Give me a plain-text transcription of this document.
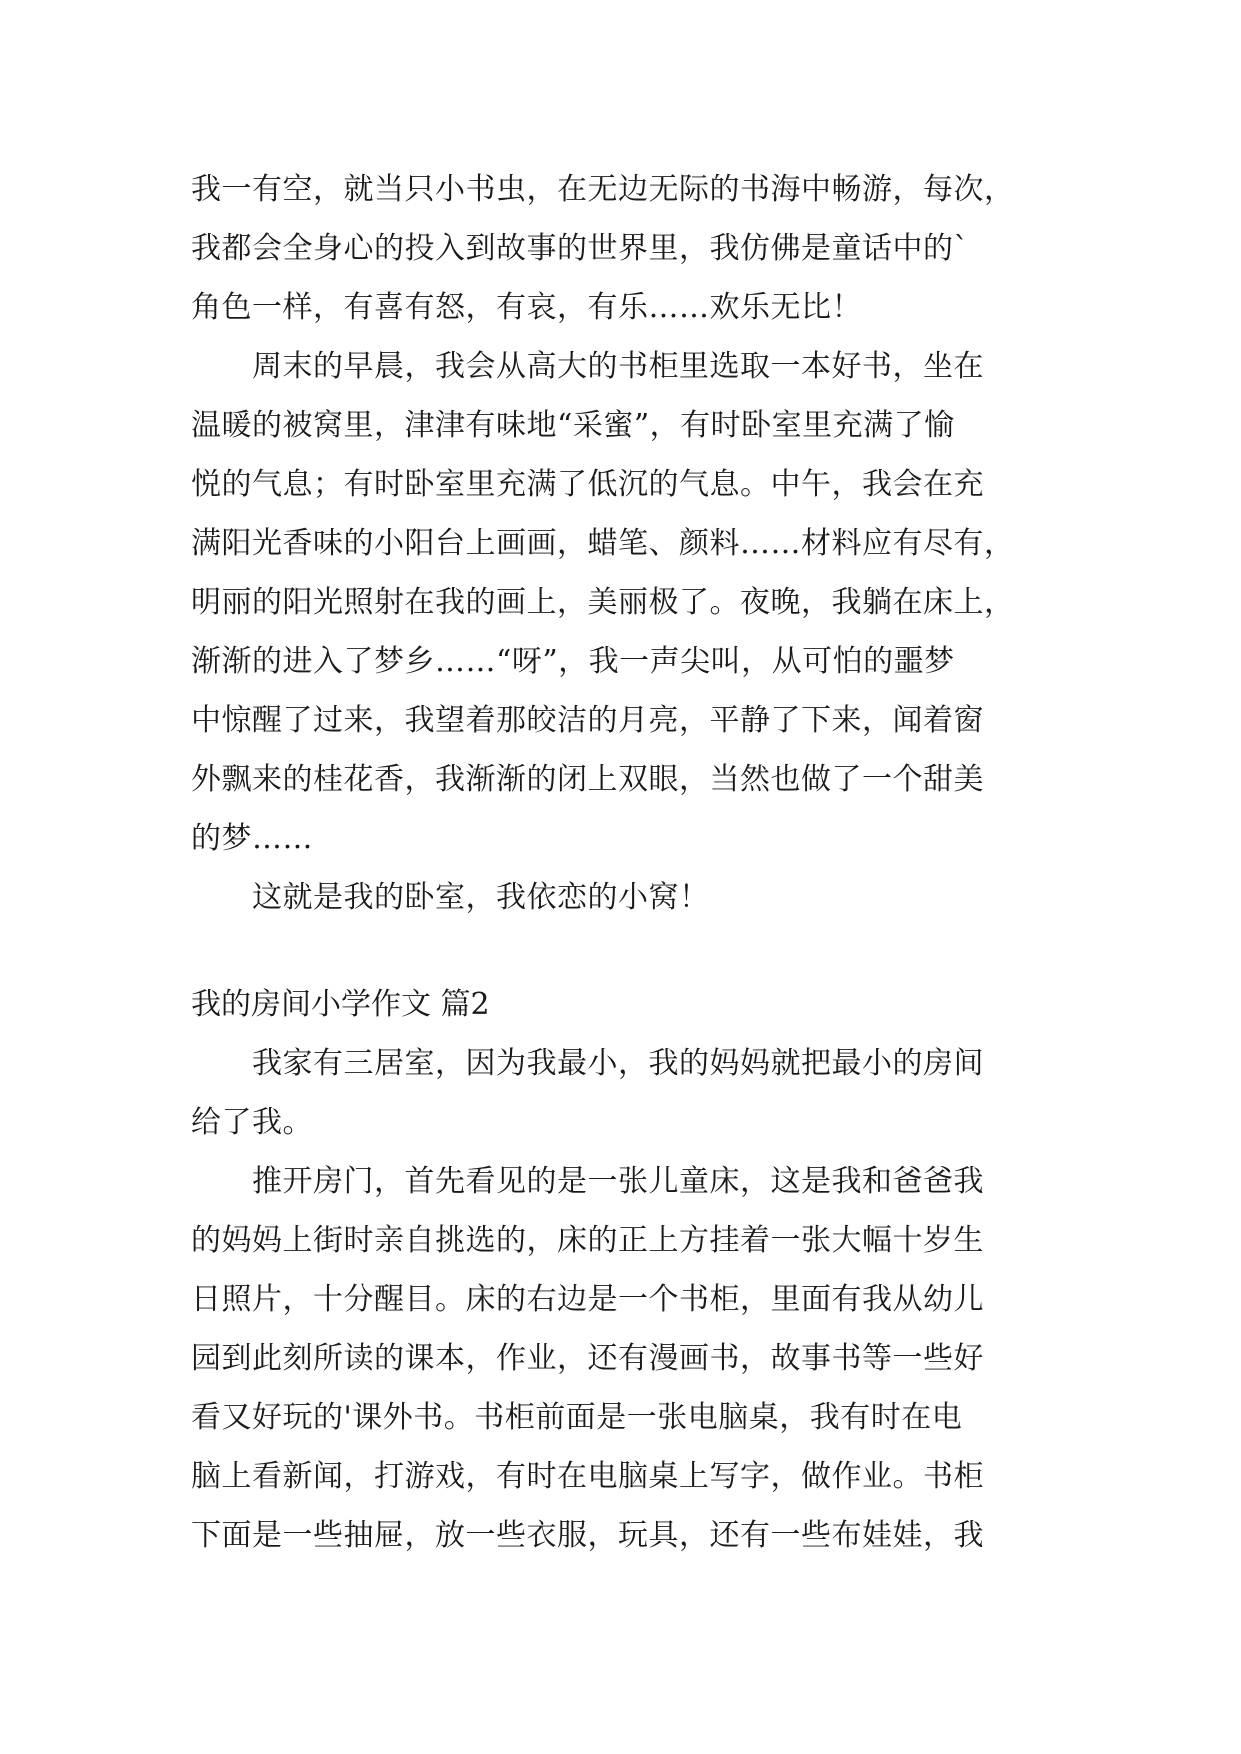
我一有空，就当只小书虫，在无边无际的书海中畅游，每次，
我都会全身心的投入到故事的世界里，我仿佛是童话中的`
角色一样，有喜有怒，有哀，有乐……欢乐无比！
　　周末的早晨，我会从高大的书柜里选取一本好书，坐在
温暖的被窝里，津津有味地“采蜜”，有时卧室里充满了愉
悦的气息；有时卧室里充满了低沉的气息。中午，我会在充
满阳光香味的小阳台上画画，蜡笔、颜料……材料应有尽有，
明丽的阳光照射在我的画上，美丽极了。夜晚，我躺在床上，
渐渐的进入了梦乡……“呀”，我一声尖叫，从可怕的噩梦
中惊醒了过来，我望着那皎洁的月亮，平静了下来，闻着窗
外飘来的桂花香，我渐渐的闭上双眼，当然也做了一个甜美
的梦……
　　这就是我的卧室，我依恋的小窝！
我的房间小学作文 篇2
　　我家有三居室，因为我最小，我的妈妈就把最小的房间
给了我。
　　推开房门，首先看见的是一张儿童床，这是我和爸爸我
的妈妈上街时亲自挑选的，床的正上方挂着一张大幅十岁生
日照片，十分醒目。床的右边是一个书柜，里面有我从幼儿
园到此刻所读的课本，作业，还有漫画书，故事书等一些好
看又好玩的'课外书。书柜前面是一张电脑桌，我有时在电
脑上看新闻，打游戏，有时在电脑桌上写字，做作业。书柜
下面是一些抽屉，放一些衣服，玩具，还有一些布娃娃，我
